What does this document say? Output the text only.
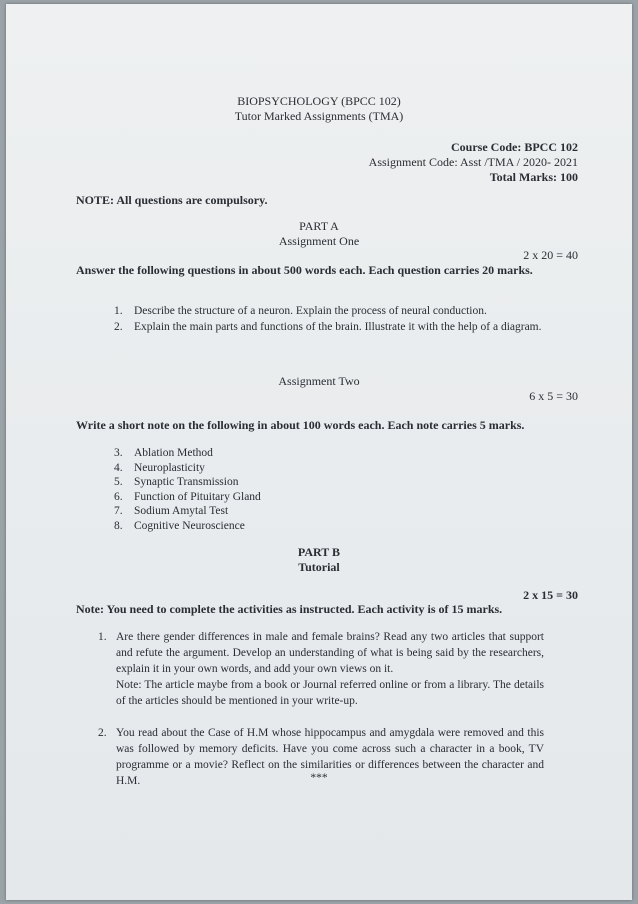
BIOPSYCHOLOGY (BPCC 102)
Tutor Marked Assignments (TMA)
Course Code: BPCC 102
Assignment Code: Asst /TMA / 2020- 2021
Total Marks: 100
NOTE: All questions are compulsory.
PART A
Assignment One
2 x 20 = 40
Answer the following questions in about 500 words each. Each question carries 20 marks.
1. Describe the structure of a neuron. Explain the process of neural conduction.
2. Explain the main parts and functions of the brain. Illustrate it with the help of a diagram.
Assignment Two
6 x 5 = 30
Write a short note on the following in about 100 words each. Each note carries 5 marks.
3. Ablation Method
4. Neuroplasticity
5. Synaptic Transmission
6. Function of Pituitary Gland
7. Sodium Amytal Test
8. Cognitive Neuroscience
PART B
Tutorial
2 x 15 = 30
Note: You need to complete the activities as instructed. Each activity is of 15 marks.
1. Are there gender differences in male and female brains? Read any two articles that support and refute the argument. Develop an understanding of what is being said by the researchers, explain it in your own words, and add your own views on it.
Note: The article maybe from a book or Journal referred online or from a library. The details of the articles should be mentioned in your write-up.
2. You read about the Case of H.M whose hippocampus and amygdala were removed and this was followed by memory deficits. Have you come across such a character in a book, TV programme or a movie? Reflect on the similarities or differences between the character and H.M.	***
